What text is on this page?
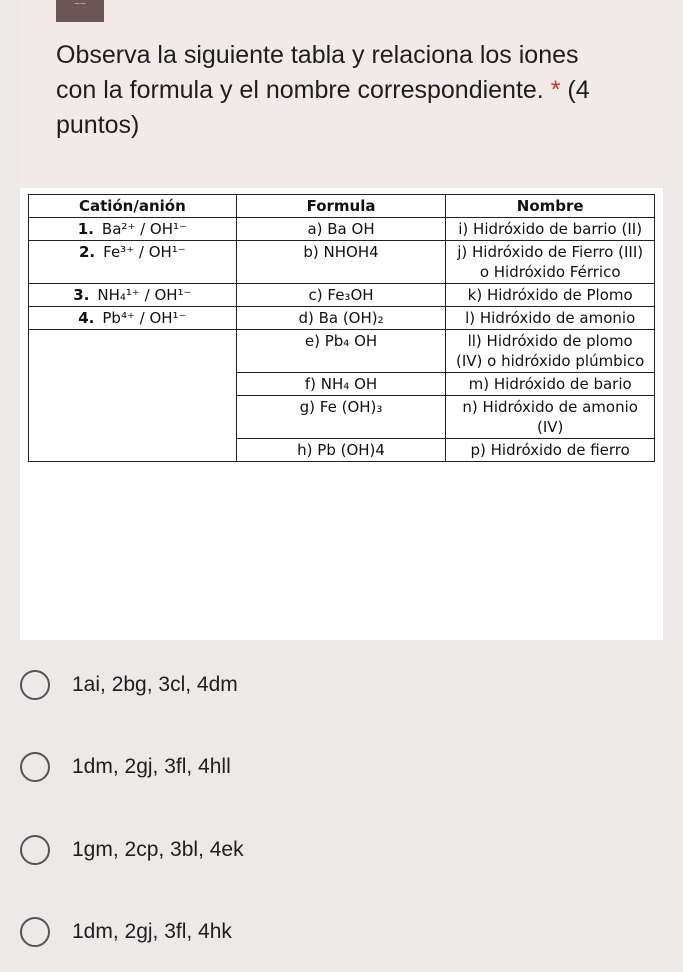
~~
Observa la siguiente tabla y relaciona los iones con la formula y el nombre correspondiente. * (4 puntos)
Catión/anión	Formula	Nombre
1. Ba²⁺ / OH¹⁻	a) Ba OH	i) Hidróxido de barrio (II)
2. Fe³⁺ / OH¹⁻	b) NHOH4	j) Hidróxido de Fierro (III) o Hidróxido Férrico
3. NH₄¹⁺ / OH¹⁻	c) Fe₃OH	k) Hidróxido de Plomo
4. Pb⁴⁺ / OH¹⁻	d) Ba (OH)₂	l) Hidróxido de amonio
	e) Pb₄ OH	ll) Hidróxido de plomo (IV) o hidróxido plúmbico
	f) NH₄ OH	m) Hidróxido de bario
	g) Fe (OH)₃	n) Hidróxido de amonio (IV)
	h) Pb (OH)4	p) Hidróxido de fierro
1ai, 2bg, 3cl, 4dm
1dm, 2gj, 3fl, 4hll
1gm, 2cp, 3bl, 4ek
1dm, 2gj, 3fl, 4hk
